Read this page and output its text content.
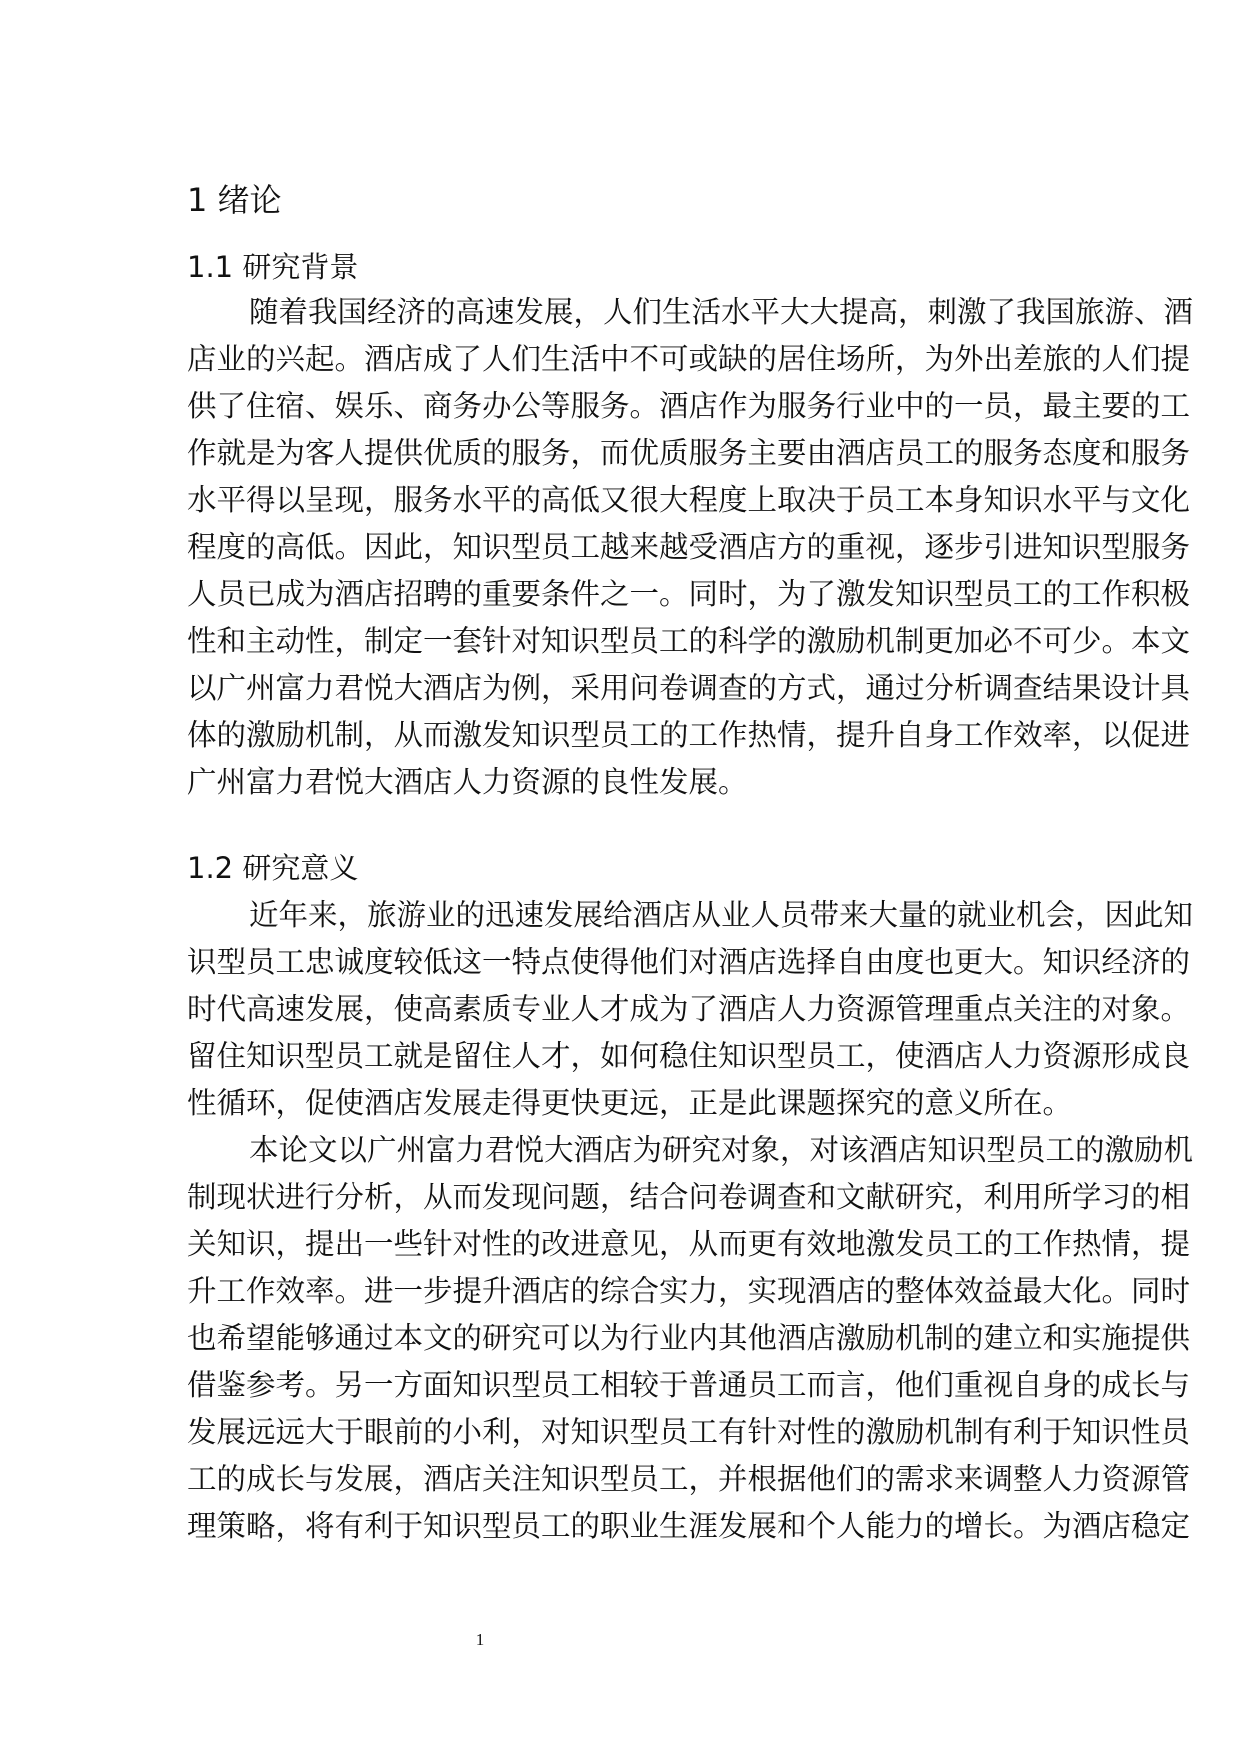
1 绪论
1.1 研究背景
随着我国经济的高速发展，人们生活水平大大提高，刺激了我国旅游、酒
店业的兴起。酒店成了人们生活中不可或缺的居住场所，为外出差旅的人们提
供了住宿、娱乐、商务办公等服务。酒店作为服务行业中的一员，最主要的工
作就是为客人提供优质的服务，而优质服务主要由酒店员工的服务态度和服务
水平得以呈现，服务水平的高低又很大程度上取决于员工本身知识水平与文化
程度的高低。因此，知识型员工越来越受酒店方的重视，逐步引进知识型服务
人员已成为酒店招聘的重要条件之一。同时，为了激发知识型员工的工作积极
性和主动性，制定一套针对知识型员工的科学的激励机制更加必不可少。本文
以广州富力君悦大酒店为例，采用问卷调查的方式，通过分析调查结果设计具
体的激励机制，从而激发知识型员工的工作热情，提升自身工作效率，以促进
广州富力君悦大酒店人力资源的良性发展。
1.2 研究意义
近年来，旅游业的迅速发展给酒店从业人员带来大量的就业机会，因此知
识型员工忠诚度较低这一特点使得他们对酒店选择自由度也更大。知识经济的
时代高速发展，使高素质专业人才成为了酒店人力资源管理重点关注的对象。
留住知识型员工就是留住人才，如何稳住知识型员工，使酒店人力资源形成良
性循环，促使酒店发展走得更快更远，正是此课题探究的意义所在。
本论文以广州富力君悦大酒店为研究对象，对该酒店知识型员工的激励机
制现状进行分析，从而发现问题，结合问卷调查和文献研究，利用所学习的相
关知识，提出一些针对性的改进意见，从而更有效地激发员工的工作热情，提
升工作效率。进一步提升酒店的综合实力，实现酒店的整体效益最大化。同时
也希望能够通过本文的研究可以为行业内其他酒店激励机制的建立和实施提供
借鉴参考。另一方面知识型员工相较于普通员工而言，他们重视自身的成长与
发展远远大于眼前的小利，对知识型员工有针对性的激励机制有利于知识性员
工的成长与发展，酒店关注知识型员工，并根据他们的需求来调整人力资源管
理策略，将有利于知识型员工的职业生涯发展和个人能力的增长。为酒店稳定
1
